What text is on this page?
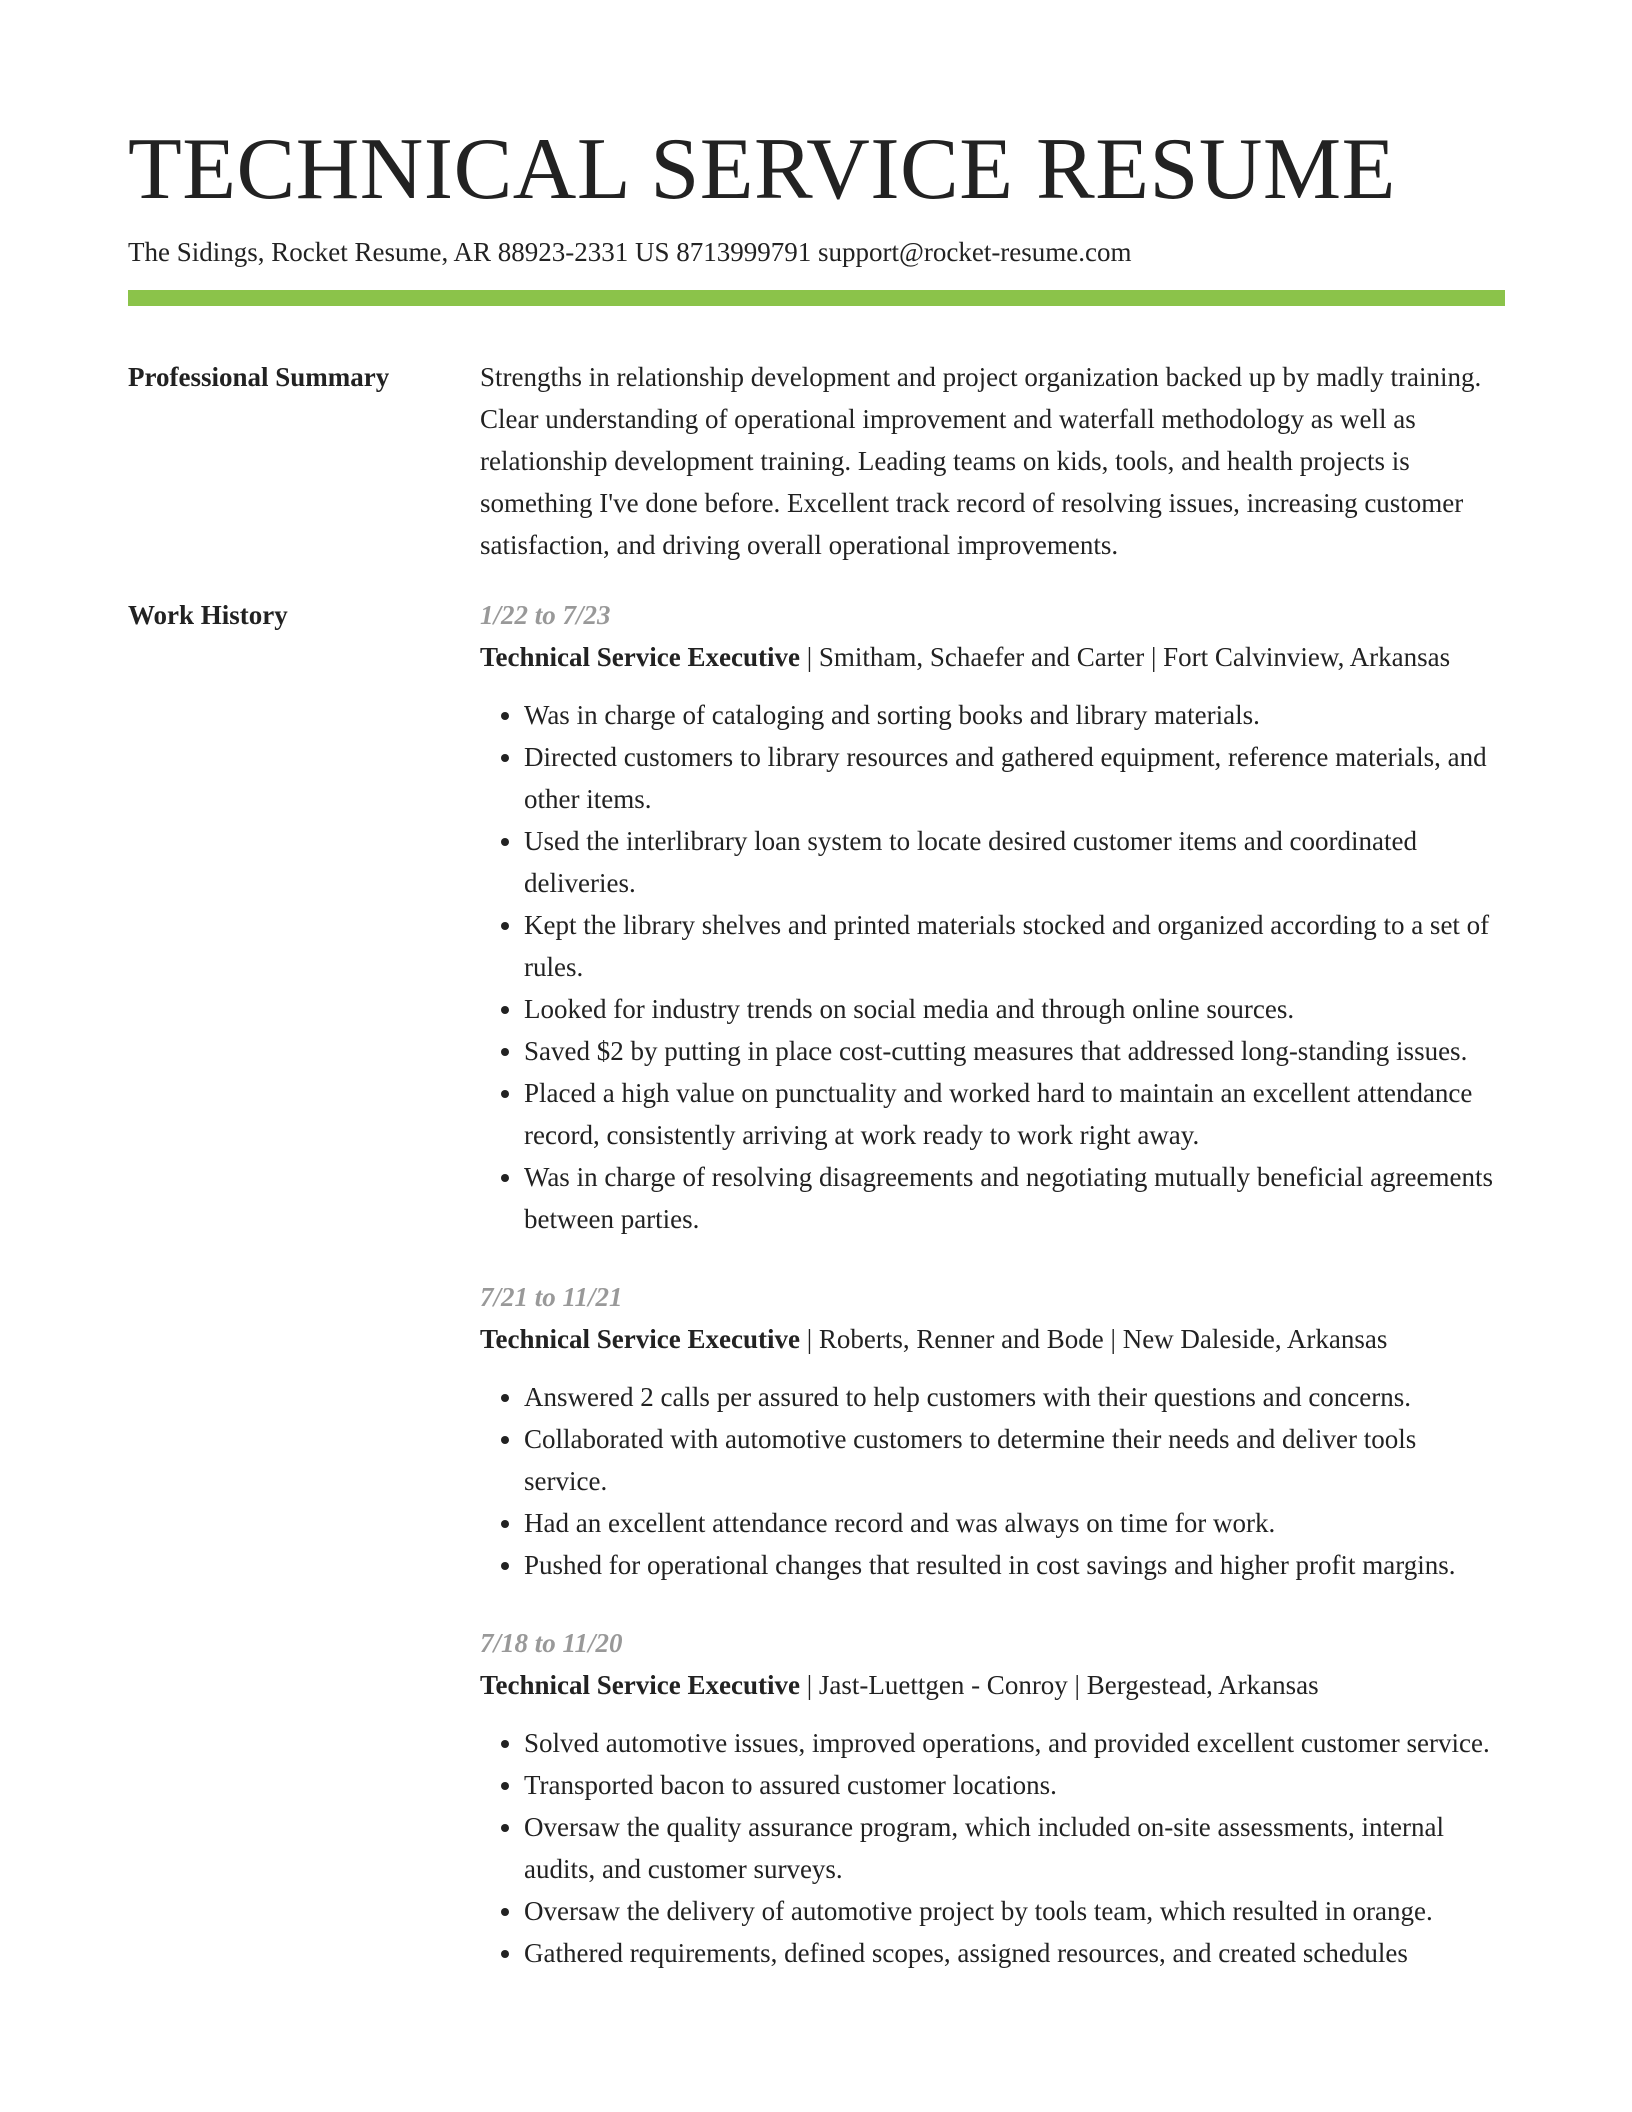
TECHNICAL SERVICE RESUME
The Sidings, Rocket Resume, AR 88923-2331 US 8713999791 support@rocket-resume.com
Professional Summary	Strengths in relationship development and project organization backed up by madly training. Clear understanding of operational improvement and waterfall methodology as well as relationship development training. Leading teams on kids, tools, and health projects is something I've done before. Excellent track record of resolving issues, increasing customer satisfaction, and driving overall operational improvements.

Work History	1/22 to 7/23
Technical Service Executive | Smitham, Schaefer and Carter | Fort Calvinview, Arkansas
• Was in charge of cataloging and sorting books and library materials.
• Directed customers to library resources and gathered equipment, reference materials, and other items.
• Used the interlibrary loan system to locate desired customer items and coordinated deliveries.
• Kept the library shelves and printed materials stocked and organized according to a set of rules.
• Looked for industry trends on social media and through online sources.
• Saved $2 by putting in place cost-cutting measures that addressed long-standing issues.
• Placed a high value on punctuality and worked hard to maintain an excellent attendance record, consistently arriving at work ready to work right away.
• Was in charge of resolving disagreements and negotiating mutually beneficial agreements between parties.
7/21 to 11/21
Technical Service Executive | Roberts, Renner and Bode | New Daleside, Arkansas
• Answered 2 calls per assured to help customers with their questions and concerns.
• Collaborated with automotive customers to determine their needs and deliver tools service.
• Had an excellent attendance record and was always on time for work.
• Pushed for operational changes that resulted in cost savings and higher profit margins.
7/18 to 11/20
Technical Service Executive | Jast-Luettgen - Conroy | Bergestead, Arkansas
• Solved automotive issues, improved operations, and provided excellent customer service.
• Transported bacon to assured customer locations.
• Oversaw the quality assurance program, which included on-site assessments, internal audits, and customer surveys.
• Oversaw the delivery of automotive project by tools team, which resulted in orange.
• Gathered requirements, defined scopes, assigned resources, and created schedules
